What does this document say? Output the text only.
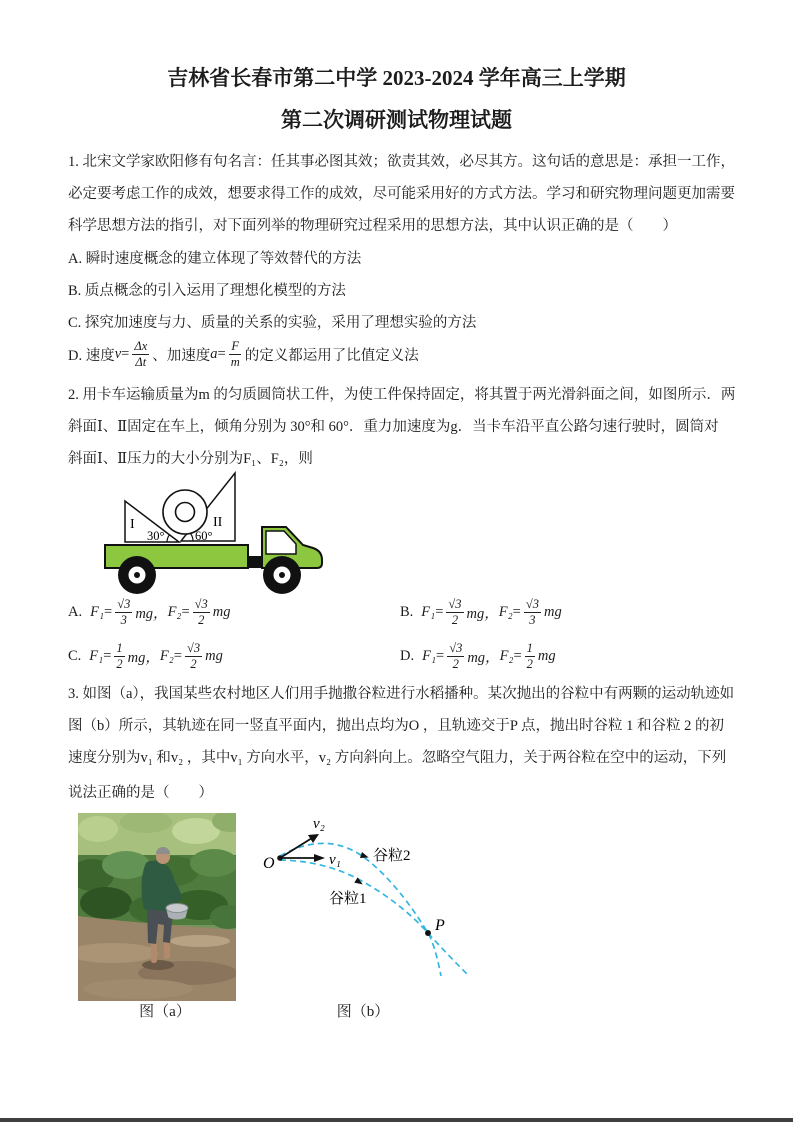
吉林省长春市第二中学 2023-2024 学年高三上学期
第二次调研测试物理试题
1. 北宋文学家欧阳修有句名言：任其事必图其效；欲责其效，必尽其方。这句话的意思是：承担一工作，
必定要考虑工作的成效，想要求得工作的成效，尽可能采用好的方式方法。学习和研究物理问题更加需要
科学思想方法的指引，对下面列举的物理研究过程采用的思想方法，其中认识正确的是（　　）
A. 瞬时速度概念的建立体现了等效替代的方法
B. 质点概念的引入运用了理想化模型的方法
C. 探究加速度与力、质量的关系的实验，采用了理想实验的方法
D. 速度 $v = \frac{\Delta x}{\Delta t}$ 、加速度 $a = \frac{F}{m}$ 的定义都运用了比值定义法
2. 用卡车运输质量为m 的匀质圆筒状工件，为使工件保持固定，将其置于两光滑斜面之间，如图所示．两
斜面Ⅰ、Ⅱ固定在车上，倾角分别为 30°和 60°．重力加速度为g．当卡车沿平直公路匀速行驶时，圆筒对
斜面Ⅰ、Ⅱ压力的大小分别为F₁、F₂，则
I	II
30° 60°
A. $F_1 = \frac{√3}{3}$ mg， $F_2 = \frac{√3}{2}$ mg	B. $F_1 = \frac{√3}{2}$ mg， $F_2 = \frac{√3}{3}$ mg
C. $F_1 = \frac{1}{2}$ mg， $F_2 = \frac{√3}{2}$ mg	D. $F_1 = \frac{√3}{2}$ mg， $F_2 = \frac{1}{2}$ mg
3. 如图（a），我国某些农村地区人们用手抛撒谷粒进行水稻播种。某次抛出的谷粒中有两颗的运动轨迹如
图（b）所示，其轨迹在同一竖直平面内，抛出点均为O ，且轨迹交于P 点，抛出时谷粒 1 和谷粒 2 的初
速度分别为v₁ 和v₂ ，其中v₁ 方向水平，v₂ 方向斜向上。忽略空气阻力，关于两谷粒在空中的运动，下列
说法正确的是（　　）
O	v₁
v₂
谷粒2
谷粒1
P
图（a）	图（b）
